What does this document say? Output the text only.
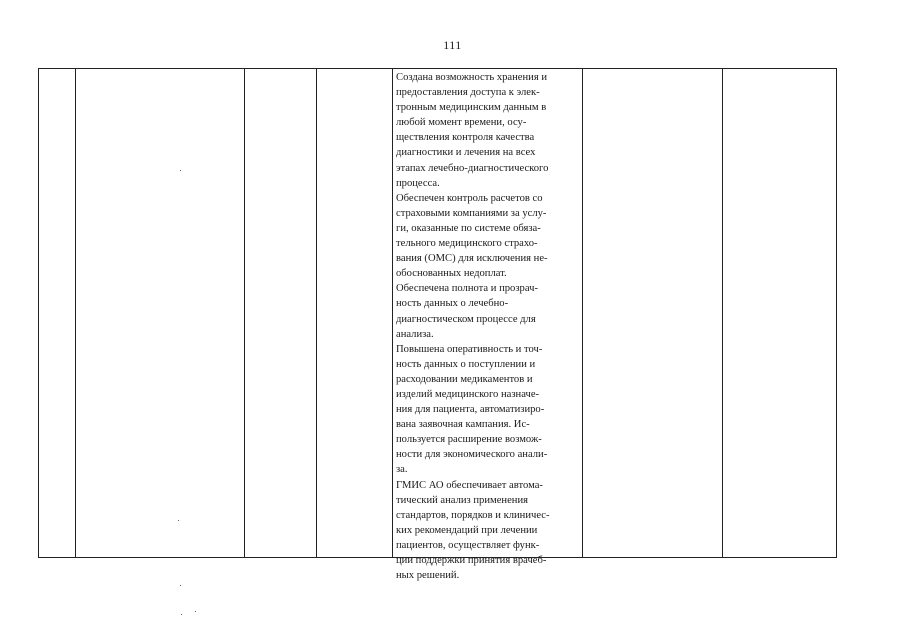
111
Создана возможность хранения и
предоставления доступа к элек-
тронным медицинским данным в
любой момент времени, осу-
ществления контроля качества
диагностики и лечения на всех
этапах лечебно-диагностического
процесса.
Обеспечен контроль расчетов со
страховыми компаниями за услу-
ги, оказанные по системе обяза-
тельного медицинского страхо-
вания (ОМС) для исключения не-
обоснованных недоплат.
Обеспечена полнота и прозрач-
ность данных о лечебно-
диагностическом процессе для
анализа.
Повышена оперативность и точ-
ность данных о поступлении и
расходовании медикаментов и
изделий медицинского назначе-
ния для пациента, автоматизиро-
вана заявочная кампания. Ис-
пользуется расширение возмож-
ности для экономического анали-
за.
ГМИС АО обеспечивает автома-
тический анализ применения
стандартов, порядков и клиничес-
ких рекомендаций при лечении
пациентов, осуществляет функ-
ции поддержки принятия врачеб-
ных решений.
